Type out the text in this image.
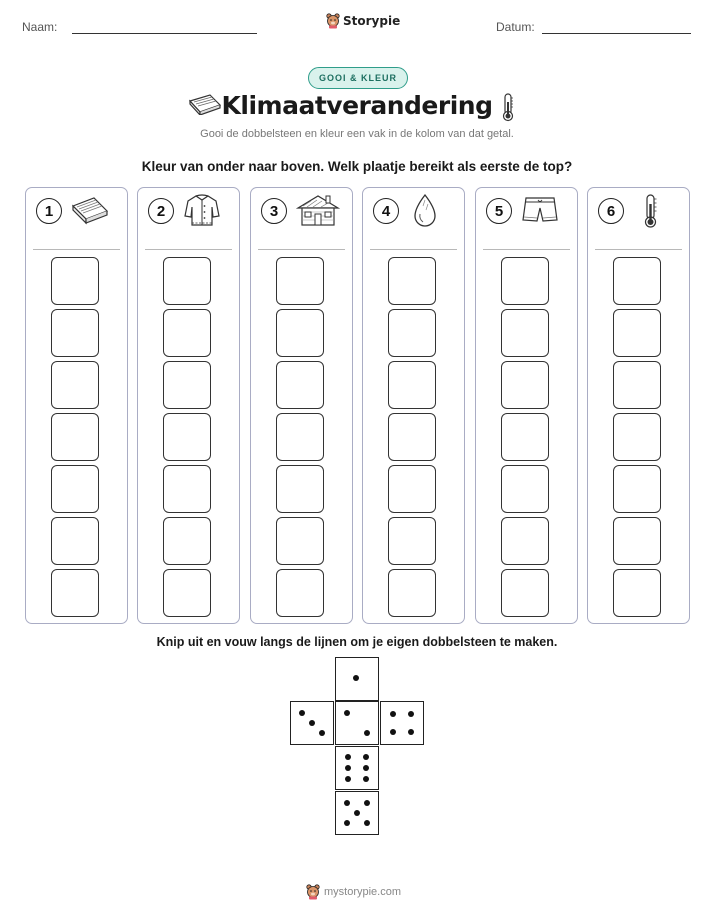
Naam:	Storypie	Datum:
GOOI & KLEUR
Klimaatverandering
Gooi de dobbelsteen en kleur een vak in de kolom van dat getal.
Kleur van onder naar boven. Welk plaatje bereikt als eerste de top?
1	2	3	4	5	6
Knip uit en vouw langs de lijnen om je eigen dobbelsteen te maken.
mystorypie.com
